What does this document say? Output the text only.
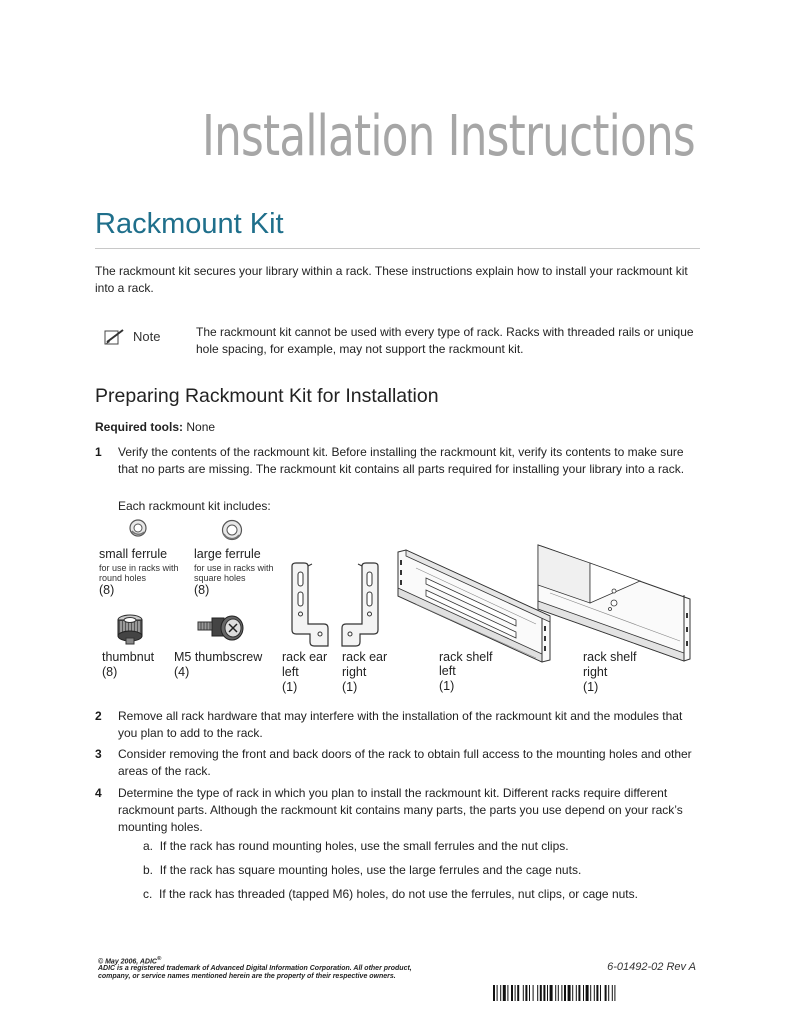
Installation Instructions
Rackmount Kit
The rackmount kit secures your library within a rack. These instructions explain how to install your rackmount kit into a rack.
Note	The rackmount kit cannot be used with every type of rack. Racks with threaded rails or unique hole spacing, for example, may not support the rackmount kit.
Preparing Rackmount Kit for Installation
Required tools: None
1 Verify the contents of the rackmount kit. Before installing the rackmount kit, verify its contents to make sure that no parts are missing. The rackmount kit contains all parts required for installing your library into a rack.
Each rackmount kit includes:
small ferrule
for use in racks with
round holes
(8)
large ferrule
for use in racks with
square holes
(8)
thumbnut
(8)
M5 thumbscrew
(4)
rack ear
left
(1)
rack ear
right
(1)
rack shelf
left
(1)
rack shelf
right
(1)
2 Remove all rack hardware that may interfere with the installation of the rackmount kit and the modules that you plan to add to the rack.
3 Consider removing the front and back doors of the rack to obtain full access to the mounting holes and other areas of the rack.
4 Determine the type of rack in which you plan to install the rackmount kit. Different racks require different rackmount parts. Although the rackmount kit contains many parts, the parts you use depend on your rack’s mounting holes.
a. If the rack has round mounting holes, use the small ferrules and the nut clips.
b. If the rack has square mounting holes, use the large ferrules and the cage nuts.
c. If the rack has threaded (tapped M6) holes, do not use the ferrules, nut clips, or cage nuts.
© May 2006, ADIC®
ADIC is a registered trademark of Advanced Digital Information Corporation. All other product,
company, or service names mentioned herein are the property of their respective owners.
6-01492-02 Rev A
